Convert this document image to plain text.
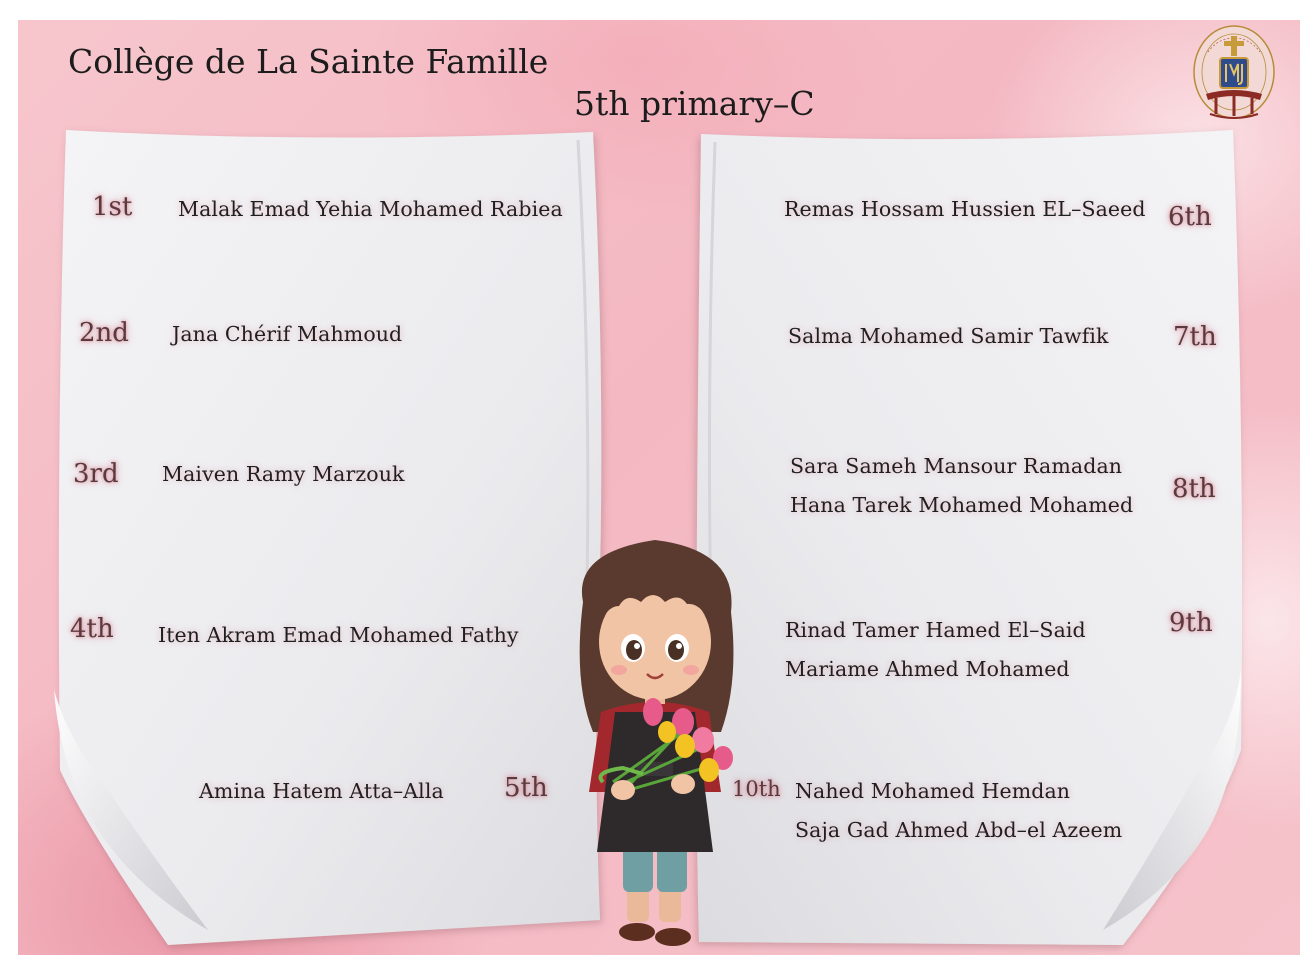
Collège de La Sainte Famille
5th primary–C
1st Malak Emad Yehia Mohamed Rabiea
2nd Jana Chérif Mahmoud
3rd Maiven Ramy Marzouk
4th Iten Akram Emad Mohamed Fathy
Amina Hatem Atta–Alla 5th
Remas Hossam Hussien EL–Saeed 6th
Salma Mohamed Samir Tawfik 7th
Sara Sameh Mansour Ramadan
Hana Tarek Mohamed Mohamed
8th
Rinad Tamer Hamed El–Said
Mariame Ahmed Mohamed
9th
10th Nahed Mohamed Hemdan
Saja Gad Ahmed Abd–el Azeem
